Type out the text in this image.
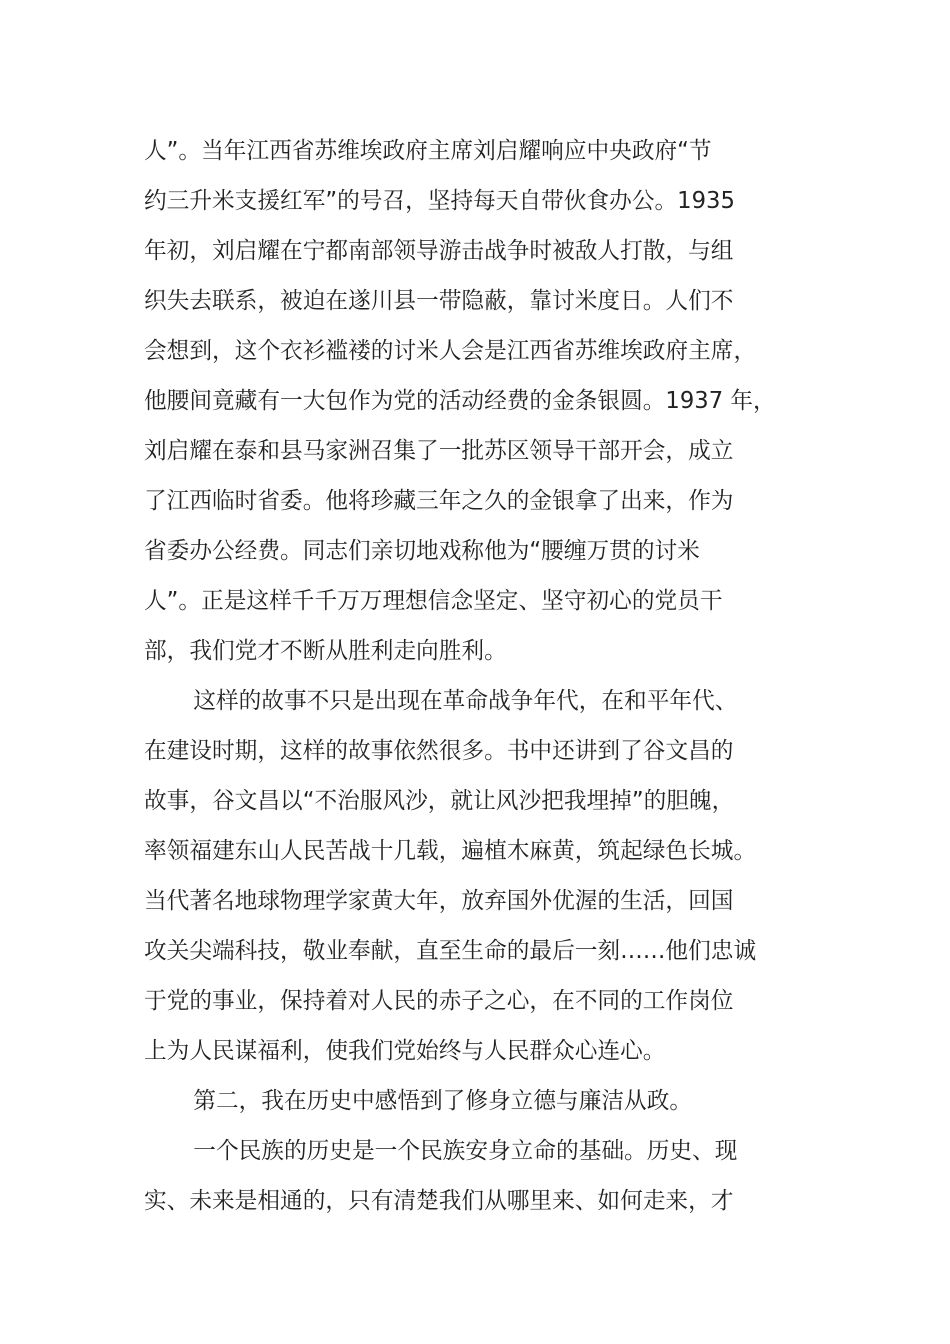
人”。当年江西省苏维埃政府主席刘启耀响应中央政府“节
约三升米支援红军”的号召，坚持每天自带伙食办公。1935
年初，刘启耀在宁都南部领导游击战争时被敌人打散，与组
织失去联系，被迫在遂川县一带隐蔽，靠讨米度日。人们不
会想到，这个衣衫褴褛的讨米人会是江西省苏维埃政府主席，
他腰间竟藏有一大包作为党的活动经费的金条银圆。1937 年，
刘启耀在泰和县马家洲召集了一批苏区领导干部开会，成立
了江西临时省委。他将珍藏三年之久的金银拿了出来，作为
省委办公经费。同志们亲切地戏称他为“腰缠万贯的讨米
人”。正是这样千千万万理想信念坚定、坚守初心的党员干
部，我们党才不断从胜利走向胜利。
这样的故事不只是出现在革命战争年代，在和平年代、
在建设时期，这样的故事依然很多。书中还讲到了谷文昌的
故事，谷文昌以“不治服风沙，就让风沙把我埋掉”的胆魄，
率领福建东山人民苦战十几载，遍植木麻黄，筑起绿色长城。
当代著名地球物理学家黄大年，放弃国外优渥的生活，回国
攻关尖端科技，敬业奉献，直至生命的最后一刻……他们忠诚
于党的事业，保持着对人民的赤子之心，在不同的工作岗位
上为人民谋福利，使我们党始终与人民群众心连心。
第二，我在历史中感悟到了修身立德与廉洁从政。
一个民族的历史是一个民族安身立命的基础。历史、现
实、未来是相通的，只有清楚我们从哪里来、如何走来，才
